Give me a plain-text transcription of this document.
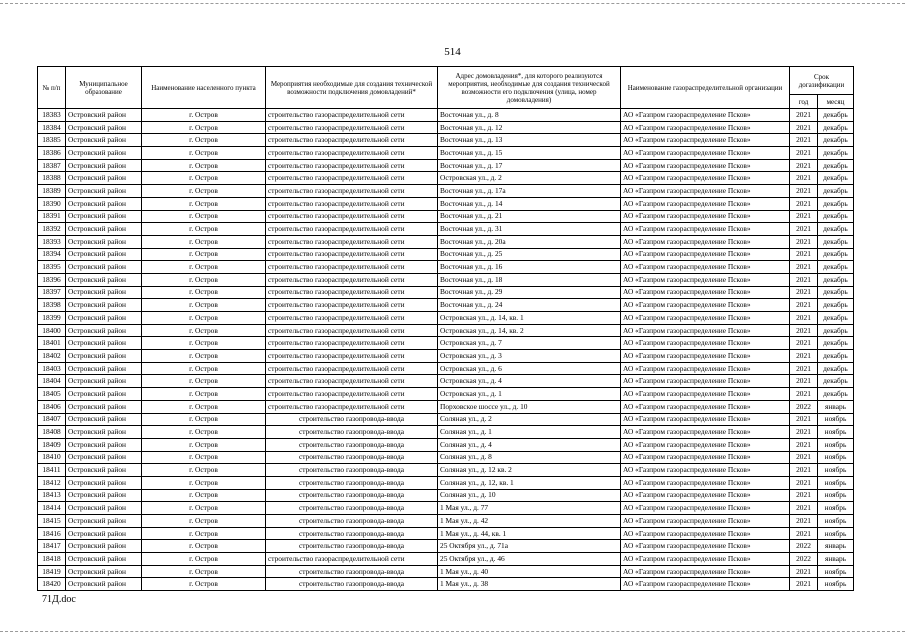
514
№ п/п	Муниципальное образование	Наименование населенного пункта	Мероприятия необходимые для создания технической возможности подключения домовладений*	Адрес домовладения*, для которого реализуются мероприятия, необходимые для создания технической возможности его подключения (улица, номер домовладения)	Наименование газораспределительной организации	Срок догазификации	
						год	месяц
18383	Островский район	г. Остров	строительство газораспределительной сети	Восточная ул., д. 8	АО «Газпром газораспределение Псков»	2021	декабрь
18384	Островский район	г. Остров	строительство газораспределительной сети	Восточная ул., д. 12	АО «Газпром газораспределение Псков»	2021	декабрь
18385	Островский район	г. Остров	строительство газораспределительной сети	Восточная ул., д. 13	АО «Газпром газораспределение Псков»	2021	декабрь
18386	Островский район	г. Остров	строительство газораспределительной сети	Восточная ул., д. 15	АО «Газпром газораспределение Псков»	2021	декабрь
18387	Островский район	г. Остров	строительство газораспределительной сети	Восточная ул., д. 17	АО «Газпром газораспределение Псков»	2021	декабрь
18388	Островский район	г. Остров	строительство газораспределительной сети	Островская ул., д. 2	АО «Газпром газораспределение Псков»	2021	декабрь
18389	Островский район	г. Остров	строительство газораспределительной сети	Восточная ул., д. 17а	АО «Газпром газораспределение Псков»	2021	декабрь
18390	Островский район	г. Остров	строительство газораспределительной сети	Восточная ул., д. 14	АО «Газпром газораспределение Псков»	2021	декабрь
18391	Островский район	г. Остров	строительство газораспределительной сети	Восточная ул., д. 21	АО «Газпром газораспределение Псков»	2021	декабрь
18392	Островский район	г. Остров	строительство газораспределительной сети	Восточная ул., д. 31	АО «Газпром газораспределение Псков»	2021	декабрь
18393	Островский район	г. Остров	строительство газораспределительной сети	Восточная ул., д. 20а	АО «Газпром газораспределение Псков»	2021	декабрь
18394	Островский район	г. Остров	строительство газораспределительной сети	Восточная ул., д. 25	АО «Газпром газораспределение Псков»	2021	декабрь
18395	Островский район	г. Остров	строительство газораспределительной сети	Восточная ул., д. 16	АО «Газпром газораспределение Псков»	2021	декабрь
18396	Островский район	г. Остров	строительство газораспределительной сети	Восточная ул., д. 18	АО «Газпром газораспределение Псков»	2021	декабрь
18397	Островский район	г. Остров	строительство газораспределительной сети	Восточная ул., д. 29	АО «Газпром газораспределение Псков»	2021	декабрь
18398	Островский район	г. Остров	строительство газораспределительной сети	Восточная ул., д. 24	АО «Газпром газораспределение Псков»	2021	декабрь
18399	Островский район	г. Остров	строительство газораспределительной сети	Островская ул., д. 14, кв. 1	АО «Газпром газораспределение Псков»	2021	декабрь
18400	Островский район	г. Остров	строительство газораспределительной сети	Островская ул., д. 14, кв. 2	АО «Газпром газораспределение Псков»	2021	декабрь
18401	Островский район	г. Остров	строительство газораспределительной сети	Островская ул., д. 7	АО «Газпром газораспределение Псков»	2021	декабрь
18402	Островский район	г. Остров	строительство газораспределительной сети	Островская ул., д. 3	АО «Газпром газораспределение Псков»	2021	декабрь
18403	Островский район	г. Остров	строительство газораспределительной сети	Островская ул., д. 6	АО «Газпром газораспределение Псков»	2021	декабрь
18404	Островский район	г. Остров	строительство газораспределительной сети	Островская ул., д. 4	АО «Газпром газораспределение Псков»	2021	декабрь
18405	Островский район	г. Остров	строительство газораспределительной сети	Островская ул., д. 1	АО «Газпром газораспределение Псков»	2021	декабрь
18406	Островский район	г. Остров	строительство газораспределительной сети	Порховское шоссе ул., д. 10	АО «Газпром газораспределение Псков»	2022	январь
18407	Островский район	г. Остров	строительство газопровода-ввода	Соляная ул., д. 2	АО «Газпром газораспределение Псков»	2021	ноябрь
18408	Островский район	г. Остров	строительство газопровода-ввода	Соляная ул., д. 1	АО «Газпром газораспределение Псков»	2021	ноябрь
18409	Островский район	г. Остров	строительство газопровода-ввода	Соляная ул., д. 4	АО «Газпром газораспределение Псков»	2021	ноябрь
18410	Островский район	г. Остров	строительство газопровода-ввода	Соляная ул., д. 8	АО «Газпром газораспределение Псков»	2021	ноябрь
18411	Островский район	г. Остров	строительство газопровода-ввода	Соляная ул., д. 12 кв. 2	АО «Газпром газораспределение Псков»	2021	ноябрь
18412	Островский район	г. Остров	строительство газопровода-ввода	Соляная ул., д. 12, кв. 1	АО «Газпром газораспределение Псков»	2021	ноябрь
18413	Островский район	г. Остров	строительство газопровода-ввода	Соляная ул., д. 10	АО «Газпром газораспределение Псков»	2021	ноябрь
18414	Островский район	г. Остров	строительство газопровода-ввода	1 Мая ул., д. 77	АО «Газпром газораспределение Псков»	2021	ноябрь
18415	Островский район	г. Остров	строительство газопровода-ввода	1 Мая ул., д. 42	АО «Газпром газораспределение Псков»	2021	ноябрь
18416	Островский район	г. Остров	строительство газопровода-ввода	1 Мая ул., д. 44, кв. 1	АО «Газпром газораспределение Псков»	2021	ноябрь
18417	Островский район	г. Остров	строительство газопровода-ввода	25 Октября ул., д. 71а	АО «Газпром газораспределение Псков»	2022	январь
18418	Островский район	г. Остров	строительство газораспределительной сети	25 Октября ул., д. 46	АО «Газпром газораспределение Псков»	2022	январь
18419	Островский район	г. Остров	строительство газопровода-ввода	1 Мая ул., д. 40	АО «Газпром газораспределение Псков»	2021	ноябрь
18420	Островский район	г. Остров	строительство газопровода-ввода	1 Мая ул., д. 38	АО «Газпром газораспределение Псков»	2021	ноябрь
71Д.doc
